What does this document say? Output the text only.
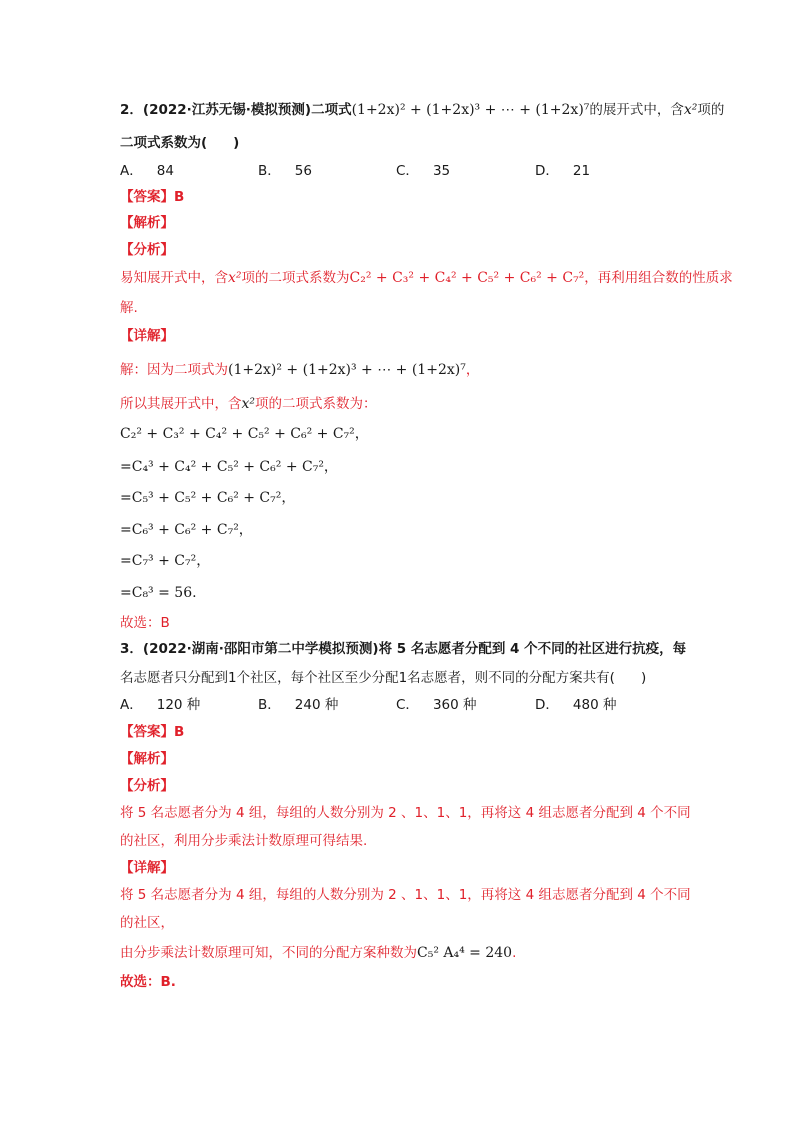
2．(2022·江苏无锡·模拟预测)二项式(1+2x)² + (1+2x)³ + ⋯ + (1+2x)⁷的展开式中，含x²项的
二项式系数为( )
A． 84	B． 56	C． 35	D． 21
【答案】B
【解析】
【分析】
易知展开式中，含x²项的二项式系数为C₂² + C₃² + C₄² + C₅² + C₆² + C₇²，再利用组合数的性质求
解.
【详解】
解：因为二项式为(1+2x)² + (1+2x)³ + ⋯ + (1+2x)⁷，
所以其展开式中，含x²项的二项式系数为：
C₂² + C₃² + C₄² + C₅² + C₆² + C₇²，
=C₄³ + C₄² + C₅² + C₆² + C₇²，
=C₅³ + C₅² + C₆² + C₇²，
=C₆³ + C₆² + C₇²，
=C₇³ + C₇²，
=C₈³ = 56.
故选：B
3．(2022·湖南·邵阳市第二中学模拟预测)将 5 名志愿者分配到 4 个不同的社区进行抗疫，每
名志愿者只分配到1个社区，每个社区至少分配1名志愿者，则不同的分配方案共有( )
A． 120 种	B． 240 种	C． 360 种	D． 480 种
【答案】B
【解析】
【分析】
将 5 名志愿者分为 4 组，每组的人数分别为 2 、1、1、1，再将这 4 组志愿者分配到 4 个不同
的社区，利用分步乘法计数原理可得结果.
【详解】
将 5 名志愿者分为 4 组，每组的人数分别为 2 、1、1、1，再将这 4 组志愿者分配到 4 个不同
的社区，
由分步乘法计数原理可知，不同的分配方案种数为C₅² A₄⁴ = 240.
故选：B.
